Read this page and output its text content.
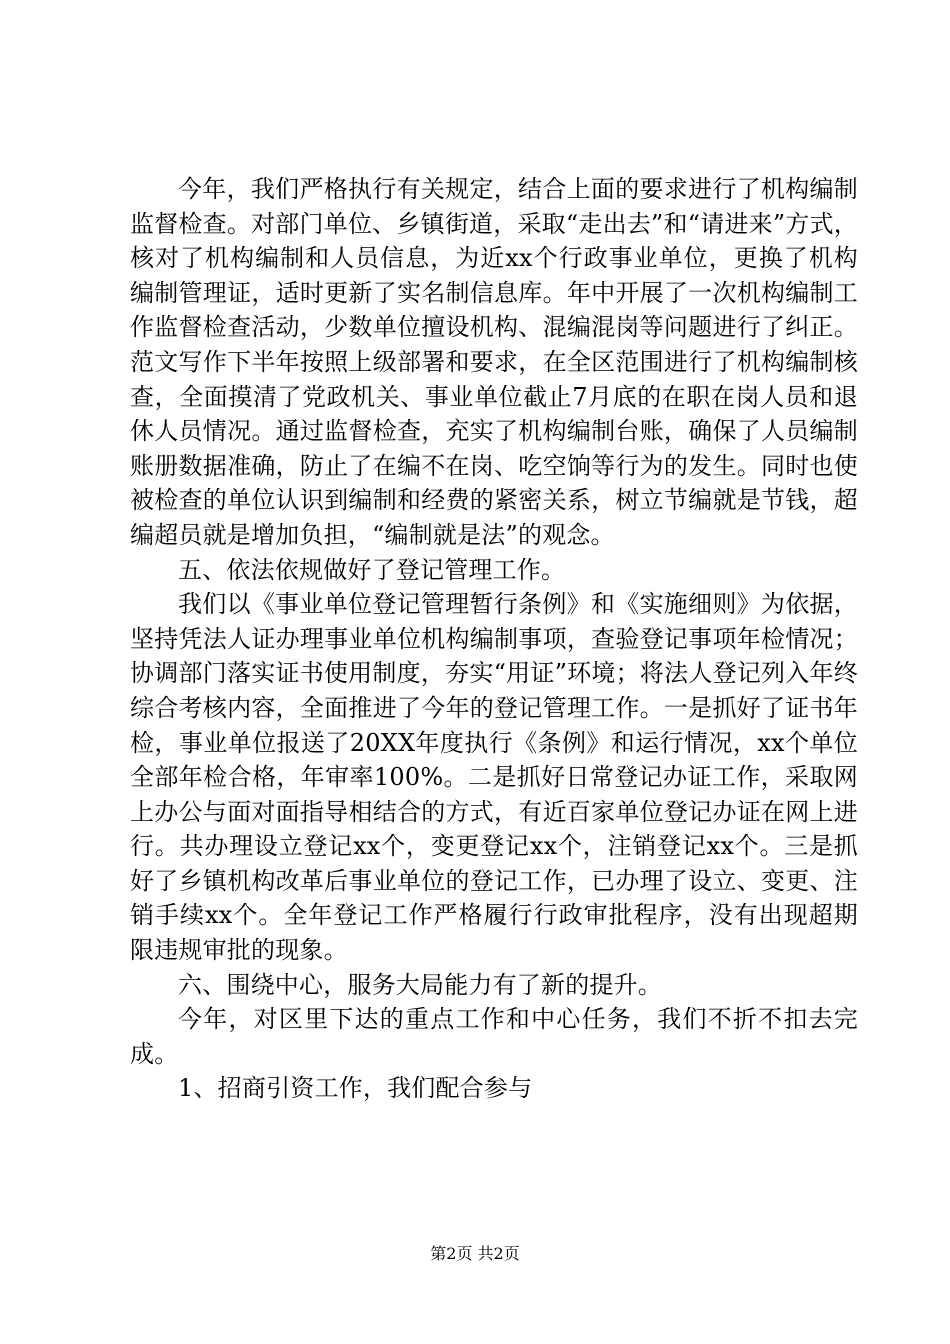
今年，我们严格执行有关规定，结合上面的要求进行了机构编制监督检查。对部门单位、乡镇街道，采取“走出去”和“请进来”方式，核对了机构编制和人员信息，为近xx个行政事业单位，更换了机构编制管理证，适时更新了实名制信息库。年中开展了一次机构编制工作监督检查活动，少数单位擅设机构、混编混岗等问题进行了纠正。范文写作下半年按照上级部署和要求，在全区范围进行了机构编制核查，全面摸清了党政机关、事业单位截止7月底的在职在岗人员和退休人员情况。通过监督检查，充实了机构编制台账，确保了人员编制账册数据准确，防止了在编不在岗、吃空饷等行为的发生。同时也使被检查的单位认识到编制和经费的紧密关系，树立节编就是节钱，超编超员就是增加负担，“编制就是法”的观念。

五、依法依规做好了登记管理工作。

我们以《事业单位登记管理暂行条例》和《实施细则》为依据，坚持凭法人证办理事业单位机构编制事项，查验登记事项年检情况；协调部门落实证书使用制度，夯实“用证”环境；将法人登记列入年终综合考核内容，全面推进了今年的登记管理工作。一是抓好了证书年检，事业单位报送了20XX年度执行《条例》和运行情况，xx个单位全部年检合格，年审率100%。二是抓好日常登记办证工作，采取网上办公与面对面指导相结合的方式，有近百家单位登记办证在网上进行。共办理设立登记xx个，变更登记xx个，注销登记xx个。三是抓好了乡镇机构改革后事业单位的登记工作，已办理了设立、变更、注销手续xx个。全年登记工作严格履行行政审批程序，没有出现超期限违规审批的现象。

六、围绕中心，服务大局能力有了新的提升。

今年，对区里下达的重点工作和中心任务，我们不折不扣去完成。

1、招商引资工作，我们配合参与

第2页 共2页
